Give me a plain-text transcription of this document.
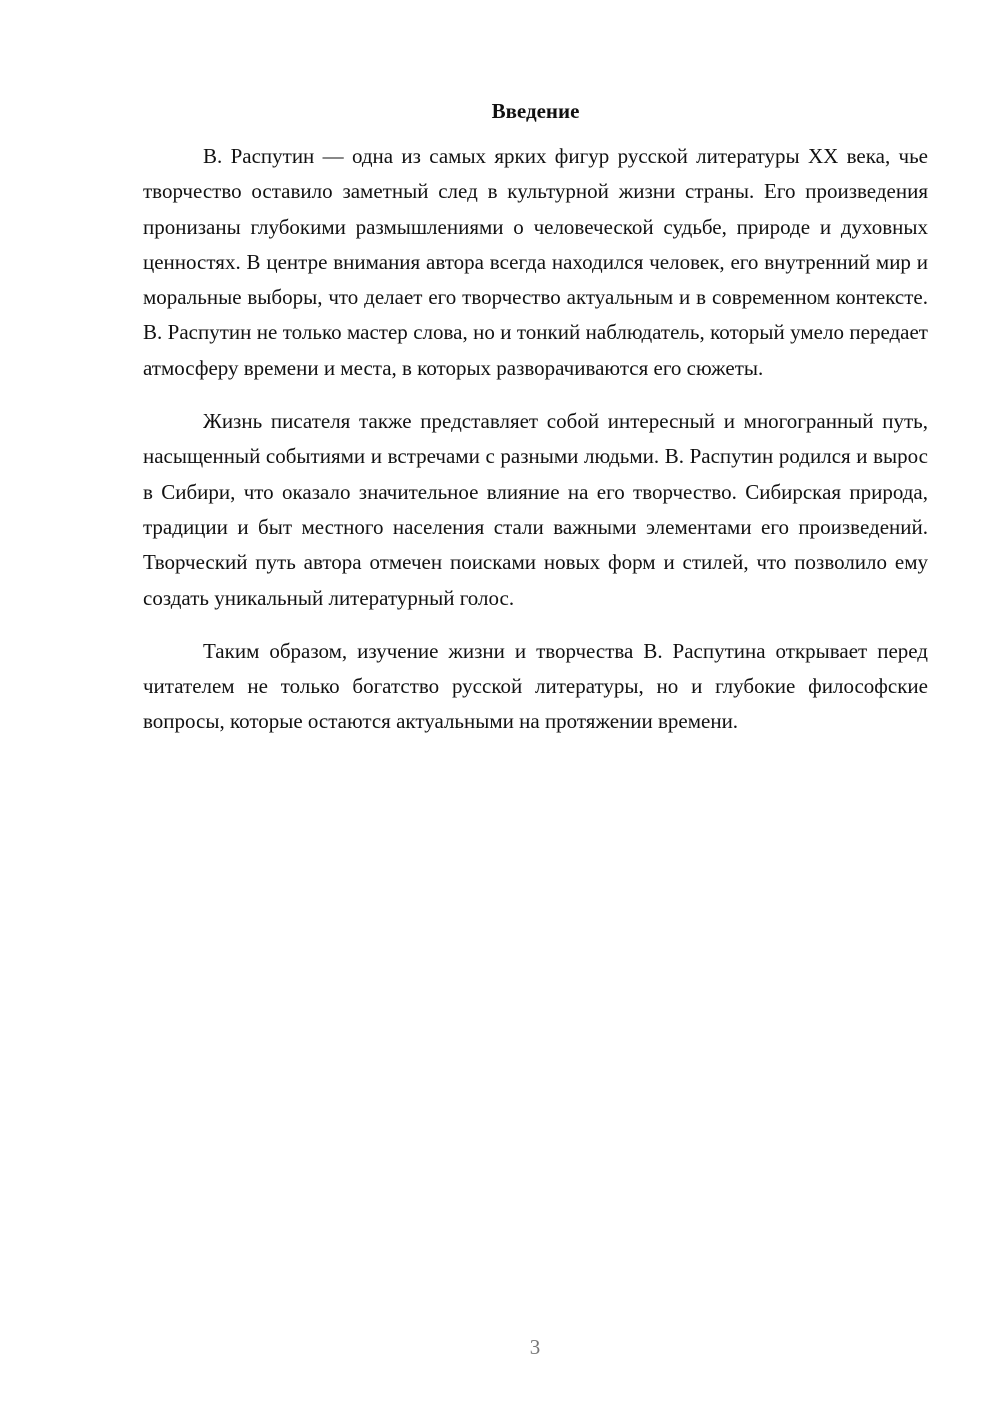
Введение

В. Распутин — одна из самых ярких фигур русской литературы XX века, чье творчество оставило заметный след в культурной жизни страны. Его произведения пронизаны глубокими размышлениями о человеческой судьбе, природе и духовных ценностях. В центре внимания автора всегда находился человек, его внутренний мир и моральные выборы, что делает его творчество актуальным и в современном контексте. В. Распутин не только мастер слова, но и тонкий наблюдатель, который умело передает атмосферу времени и места, в которых разворачиваются его сюжеты.

Жизнь писателя также представляет собой интересный и многогранный путь, насыщенный событиями и встречами с разными людьми. В. Распутин родился и вырос в Сибири, что оказало значительное влияние на его творчество. Сибирская природа, традиции и быт местного населения стали важными элементами его произведений. Творческий путь автора отмечен поисками новых форм и стилей, что позволило ему создать уникальный литературный голос.

Таким образом, изучение жизни и творчества В. Распутина открывает перед читателем не только богатство русской литературы, но и глубокие философские вопросы, которые остаются актуальными на протяжении времени.

3
